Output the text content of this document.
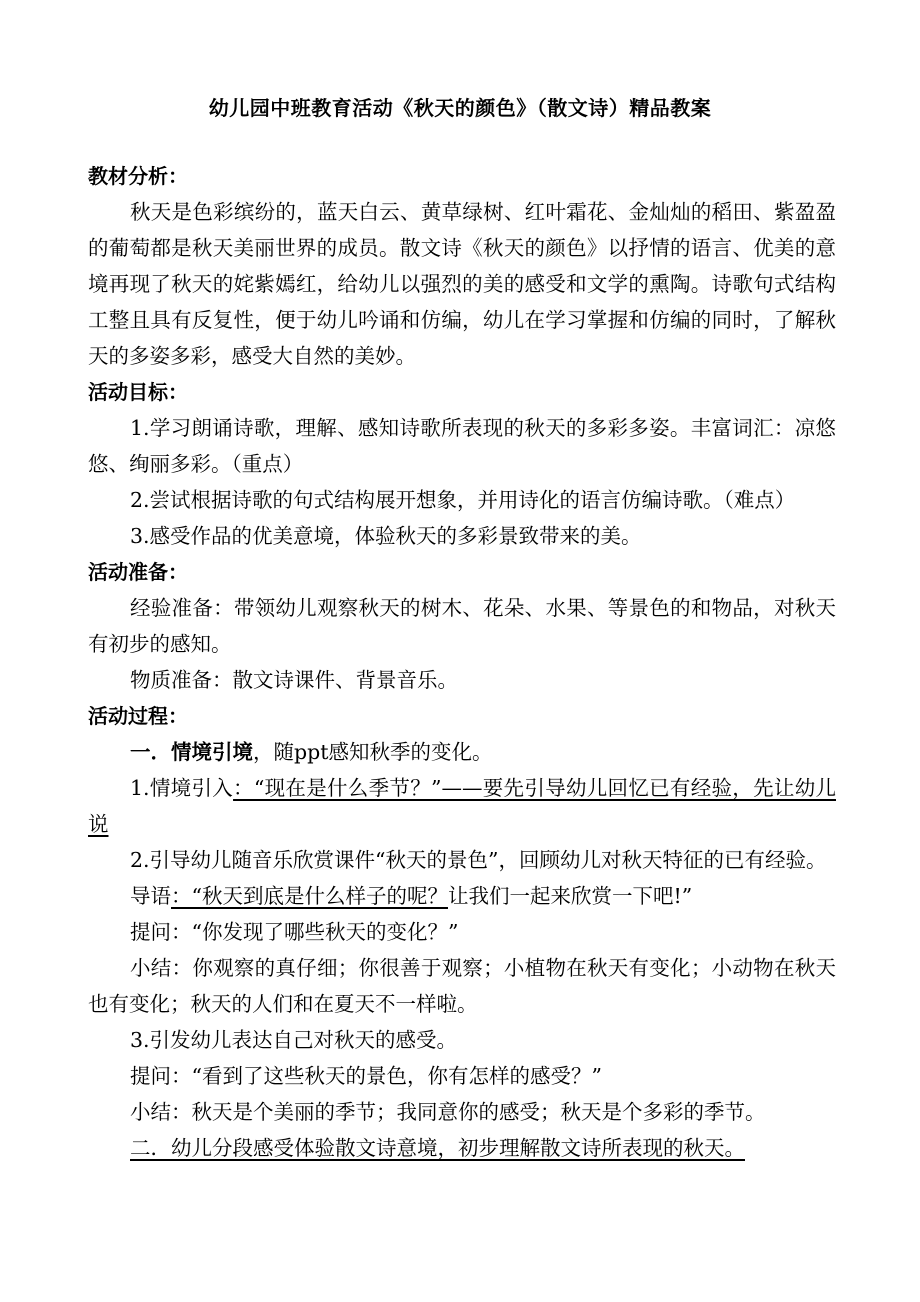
幼儿园中班教育活动《秋天的颜色》（散文诗）精品教案

教材分析：

秋天是色彩缤纷的，蓝天白云、黄草绿树、红叶霜花、金灿灿的稻田、紫盈盈的葡萄都是秋天美丽世界的成员。散文诗《秋天的颜色》以抒情的语言、优美的意境再现了秋天的姹紫嫣红，给幼儿以强烈的美的感受和文学的熏陶。诗歌句式结构工整且具有反复性，便于幼儿吟诵和仿编，幼儿在学习掌握和仿编的同时，了解秋天的多姿多彩，感受大自然的美妙。

活动目标：

1.学习朗诵诗歌，理解、感知诗歌所表现的秋天的多彩多姿。丰富词汇：凉悠悠、绚丽多彩。（重点）

2.尝试根据诗歌的句式结构展开想象，并用诗化的语言仿编诗歌。（难点）

3.感受作品的优美意境，体验秋天的多彩景致带来的美。

活动准备：

经验准备：带领幼儿观察秋天的树木、花朵、水果、等景色的和物品，对秋天有初步的感知。

物质准备：散文诗课件、背景音乐。

活动过程：

一．情境引境，随ppt感知秋季的变化。

1.情境引入：“现在是什么季节？”——要先引导幼儿回忆已有经验，先让幼儿说

2.引导幼儿随音乐欣赏课件“秋天的景色”，回顾幼儿对秋天特征的已有经验。

导语：“秋天到底是什么样子的呢？让我们一起来欣赏一下吧!”

提问：“你发现了哪些秋天的变化？”

小结：你观察的真仔细；你很善于观察；小植物在秋天有变化；小动物在秋天也有变化；秋天的人们和在夏天不一样啦。

3.引发幼儿表达自己对秋天的感受。

提问：“看到了这些秋天的景色，你有怎样的感受？”

小结：秋天是个美丽的季节；我同意你的感受；秋天是个多彩的季节。

二．幼儿分段感受体验散文诗意境，初步理解散文诗所表现的秋天。
